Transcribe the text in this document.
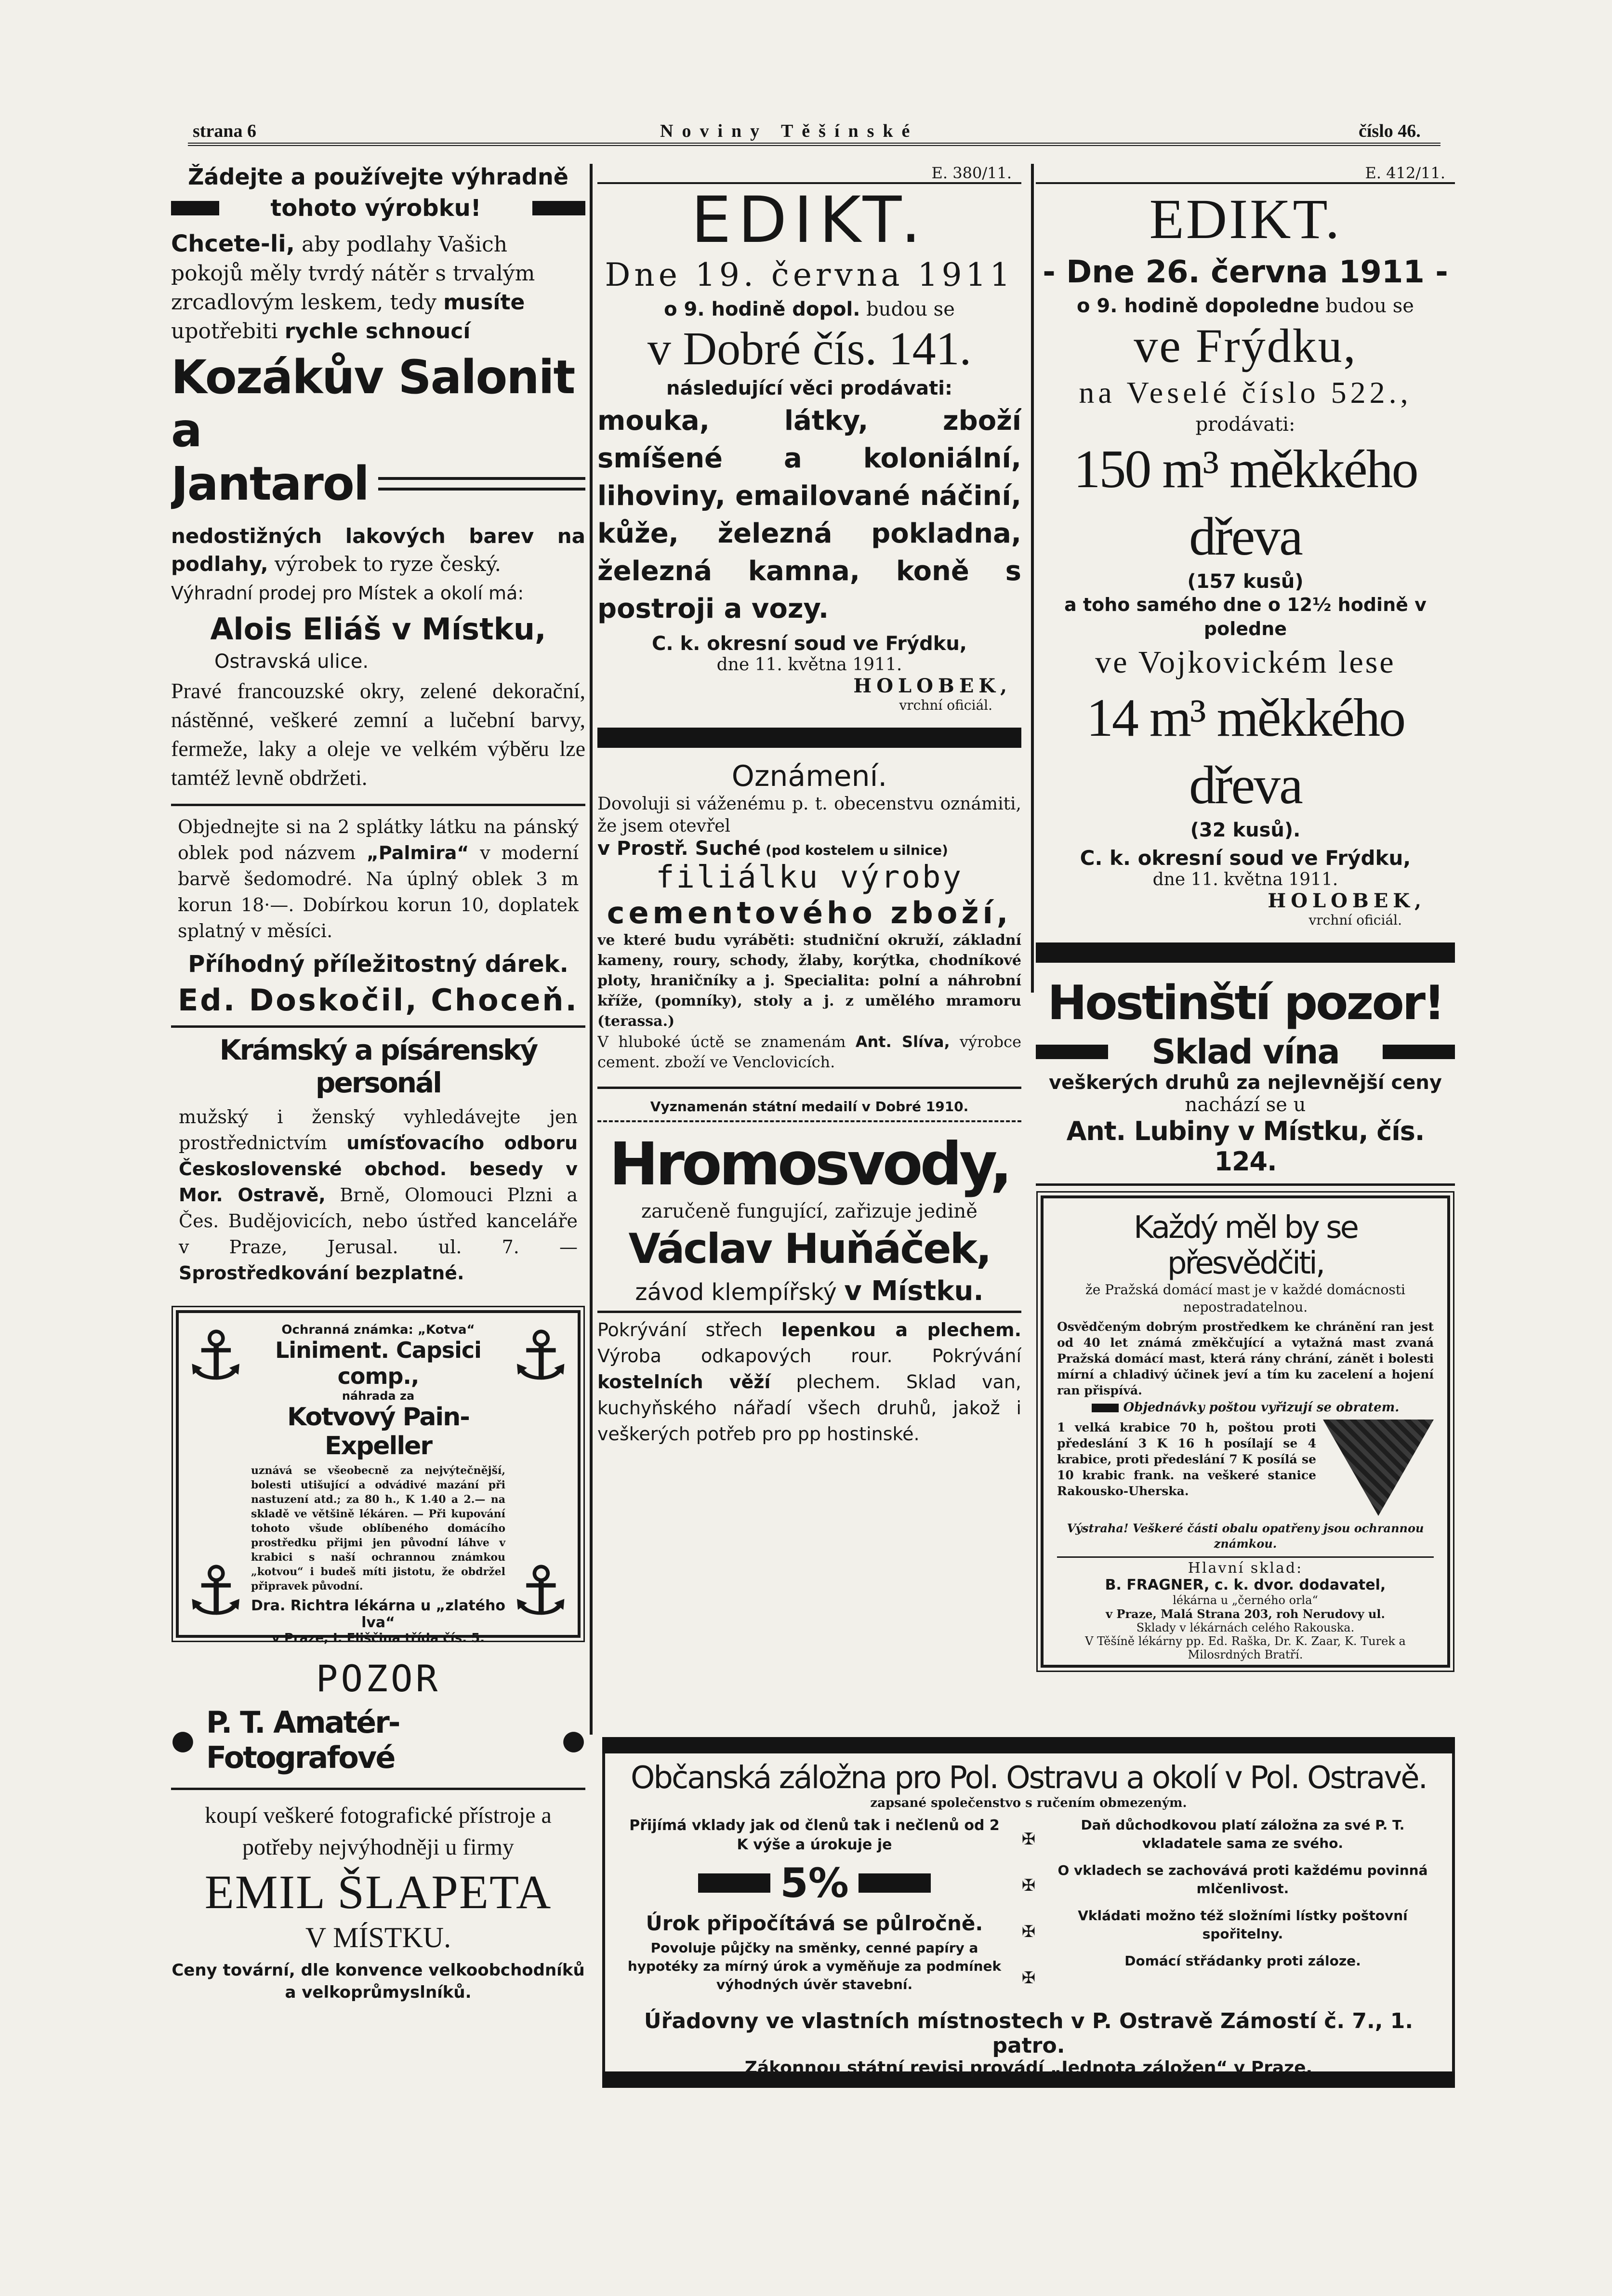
strana 6	Noviny Těšínské	číslo 46.
Žádejte a používejte výhradně
tohoto výrobku!

Chcete-li, aby podlahy Vašich pokojů měly tvrdý nátěr s trvalým zrcadlovým leskem, tedy musíte upotřebiti rychle schnoucí

Kozákův Salonit a
Jantarol

nedostižných lakových barev na podlahy, výrobek to ryze český.

Výhradní prodej pro Místek a okolí má:

Alois Eliáš v Místku,
Ostravská ulice.

Pravé francouzské okry, zelené dekorační, nástěnné, veškeré zemní a lučební barvy, fermeže, laky a oleje ve velkém výběru lze tamtéž levně obdržeti.

Objednejte si na 2 splátky látku na pánský oblek pod názvem „Palmira“ v moderní barvě šedomodré. Na úplný oblek 3 m korun 18·—. Dobírkou korun 10, doplatek splatný v měsíci.

Příhodný příležitostný dárek.
Ed. Doskočil, Choceň.
Krámský a písárenský personál

mužský i ženský vyhledávejte jen prostřednictvím umísťovacího odboru Československé obchod. besedy v Mor. Ostravě, Brně, Olomouci Plzni a Čes. Budějovicích, nebo ústřed kanceláře v Praze, Jerusal. ul. 7. — Sprostředkování bezplatné.

⚓	⚓
⚓	⚓
Ochranná známka: „Kotva“
Liniment. Capsici comp.,
náhrada za
Kotvový Pain-Expeller

uznává se všeobecně za nejvýtečnější, bolesti utišující a odvádivé mazání při nastuzení atd.; za 80 h., K 1.40 a 2.— na skladě ve většině lékáren. — Při kupování tohoto všude oblíbeného domácího prostředku přijmi jen původní láhve v krabici s naší ochrannou známkou „kotvou“ i budeš míti jistotu, že obdržel připravek původní.

Dra. Richtra lékárna u „zlatého lva“
v Praze, I. Eliščina třída čís. 5.
POZOR
● P. T. Amatér-Fotografové	●

koupí veškeré fotografické přístroje a potřeby nejvýhodněji u firmy

EMIL ŠLAPETA
V MÍSTKU.

Ceny tovární, dle konvence velkoobchodníků a velkoprůmyslníků.

E. 380/11.
EDIKT.
Dne 19. června 1911
o 9. hodině dopol. budou se
v Dobré čís. 141.
následující věci prodávati:

mouka, látky, zboží smíšené a koloniální, lihoviny, emailované náčiní, kůže, železná pokladna, železná kamna, koně s postroji a vozy.

C. k. okresní soud ve Frýdku,
dne 11. května 1911.
HOLOBEK,
vrchní oficiál.
Oznámení.

Dovoluji si váženému p. t. obecenstvu oznámiti, že jsem otevřel

v Prostř. Suché (pod kostelem u silnice)
filiálku výroby
cementového zboží,

ve které budu vyráběti: studniční okruží, základní kameny, roury, schody, žlaby, korýtka, chodníkové ploty, hraničníky a j. Specialita: polní a náhrobní kříže, (pomníky), stoly a j. z umělého mramoru (terassa.)

V hluboké úctě se znamenám Ant. Slíva, výrobce cement. zboží ve Venclovicích.

Vyznamenán státní medailí v Dobré 1910.
Hromosvody,
zaručeně fungující, zařizuje jedině
Václav Huňáček,
závod klempířský v Místku.

Pokrývání střech lepenkou a plechem. Výroba odkapových rour. Pokrývání kostelních věží plechem. Sklad van, kuchyňského nářadí všech druhů, jakož i veškerých potřeb pro pp hostinské.

E. 412/11.
EDIKT.
- Dne 26. června 1911 -
o 9. hodině dopoledne budou se
ve Frýdku,
na Veselé číslo 522.,
prodávati:
150 m³ měkkého dřeva
(157 kusů)

a toho samého dne o 12½ hodině v poledne

ve Vojkovickém lese
14 m³ měkkého dřeva
(32 kusů).
C. k. okresní soud ve Frýdku,
dne 11. května 1911.
HOLOBEK,
vrchní oficiál.
Hostinští pozor!
Sklad vína
veškerých druhů za nejlevnější ceny
nachází se u
Ant. Lubiny v Místku, čís. 124.
Každý měl by se přesvědčiti,

že Pražská domácí mast je v každé domácnosti nepostradatelnou.

Osvědčeným dobrým prostředkem ke chránění ran jest od 40 let známá změkčující a vytažná mast zvaná Pražská domácí mast, která rány chrání, zánět i bolesti mírní a chladivý účinek jeví a tím ku zacelení a hojení ran přispívá.

Objednávky poštou vyřizují se obratem.

1 velká krabice 70 h, poštou proti předeslání 3 K 16 h posílají se 4 krabice, proti předeslání 7 K posílá se 10 krabic frank. na veškeré stanice Rakousko-Uherska.

Výstraha! Veškeré části obalu opatřeny jsou ochrannou známkou.

Hlavní sklad:
B. FRAGNER, c. k. dvor. dodavatel,
lékárna u „černého orla“
v Praze, Malá Strana 203, roh Nerudovy ul.
Sklady v lékárnách celého Rakouska.
V Těšíně lékárny pp. Ed. Raška, Dr. K. Zaar, K. Turek a Milosrdných Bratří.
Občanská záložna pro Pol. Ostravu a okolí v Pol. Ostravě.
zapsané společenstvo s ručením obmezeným.

Přijímá vklady jak od členů tak i nečlenů od 2 K výše a úrokuje je

5%
Úrok připočítává se půlročně.

Povoluje půjčky na směnky, cenné papíry a hypotéky za mírný úrok a vyměňuje za podmínek výhodných úvěr stavební.

✠
✠
✠
✠

Daň důchodkovou platí záložna za své P. T. vkladatele sama ze svého.

O vkladech se zachovává proti každému povinná mlčenlivost.

Vkládati možno též složními lístky poštovní spořitelny.

Domácí střádanky proti záloze.

Úřadovny ve vlastních místnostech v P. Ostravě Zámostí č. 7., 1. patro.
Zákonnou státní revisi provádí „Jednota záložen“ v Praze.
